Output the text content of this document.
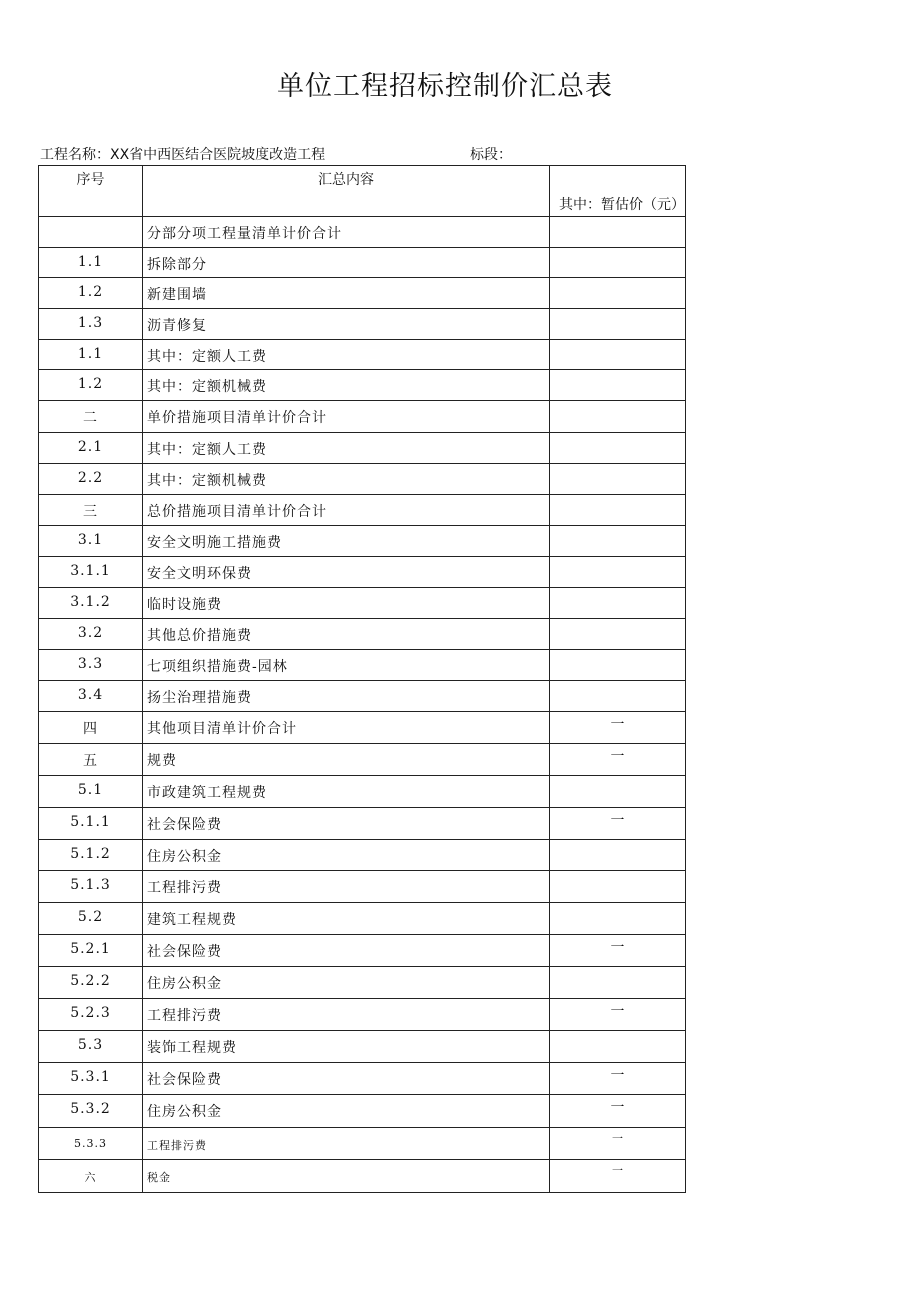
单位工程招标控制价汇总表
工程名称：XX省中西医结合医院坡度改造工程	标段：
序号	汇总内容	其中：暂估价（元）
	分部分项工程量清单计价合计	
1.1	拆除部分	
1.2	新建围墙	
1.3	沥青修复	
1.1	其中：定额人工费	
1.2	其中：定额机械费	
二	单价措施项目清单计价合计	
2.1	其中：定额人工费	
2.2	其中：定额机械费	
三	总价措施项目清单计价合计	
3.1	安全文明施工措施费	
3.1.1	安全文明环保费	
3.1.2	临时设施费	
3.2	其他总价措施费	
3.3	七项组织措施费-园林	
3.4	扬尘治理措施费	
四	其他项目清单计价合计	一
五	规费	一
5.1	市政建筑工程规费	
5.1.1	社会保险费	一
5.1.2	住房公积金	
5.1.3	工程排污费	
5.2	建筑工程规费	
5.2.1	社会保险费	一
5.2.2	住房公积金	
5.2.3	工程排污费	一
5.3	装饰工程规费	
5.3.1	社会保险费	一
5.3.2	住房公积金	一
5.3.3	工程排污费	一
六	税金	一
